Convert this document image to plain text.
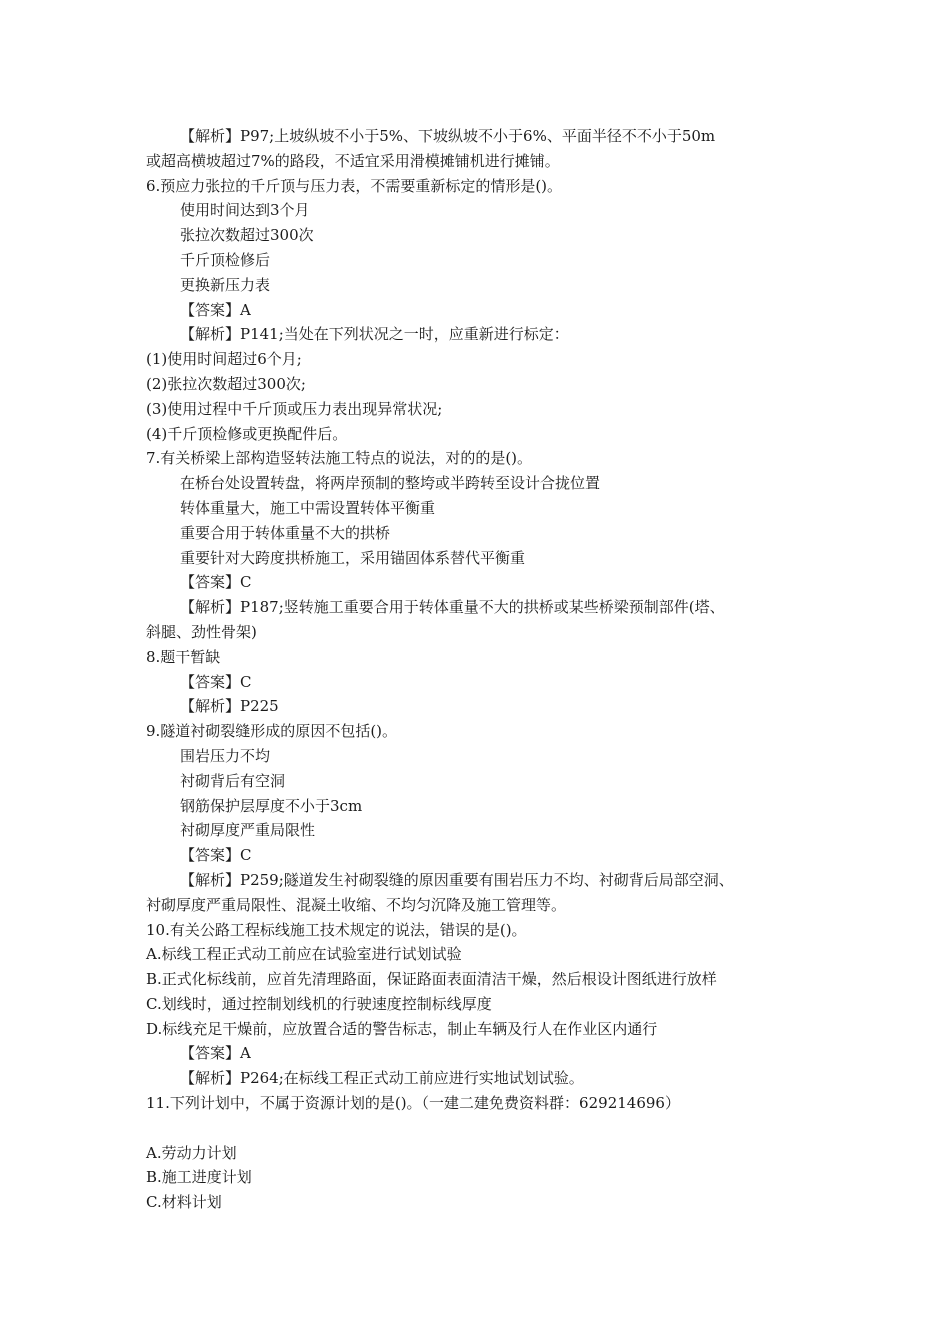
【解析】P97;上坡纵坡不小于5%、下坡纵坡不小于6%、平面半径不不小于50m
或超高横坡超过7%的路段，不适宜采用滑模摊铺机进行摊铺。
6.预应力张拉的千斤顶与压力表，不需要重新标定的情形是()。
使用时间达到3个月
张拉次数超过300次
千斤顶检修后
更换新压力表
【答案】A
【解析】P141;当处在下列状况之一时，应重新进行标定：
(1)使用时间超过6个月;
(2)张拉次数超过300次;
(3)使用过程中千斤顶或压力表出现异常状况;
(4)千斤顶检修或更换配件后。
7.有关桥梁上部构造竖转法施工特点的说法，对的的是()。
在桥台处设置转盘，将两岸预制的整垮或半跨转至设计合拢位置
转体重量大，施工中需设置转体平衡重
重要合用于转体重量不大的拱桥
重要针对大跨度拱桥施工，采用锚固体系替代平衡重
【答案】C
【解析】P187;竖转施工重要合用于转体重量不大的拱桥或某些桥梁预制部件(塔、
斜腿、劲性骨架)
8.题干暂缺
【答案】C
【解析】P225
9.隧道衬砌裂缝形成的原因不包括()。
围岩压力不均
衬砌背后有空洞
钢筋保护层厚度不小于3cm
衬砌厚度严重局限性
【答案】C
【解析】P259;隧道发生衬砌裂缝的原因重要有围岩压力不均、衬砌背后局部空洞、
衬砌厚度严重局限性、混凝土收缩、不均匀沉降及施工管理等。
10.有关公路工程标线施工技术规定的说法，错误的是()。
A.标线工程正式动工前应在试验室进行试划试验
B.正式化标线前，应首先清理路面，保证路面表面清洁干燥，然后根设计图纸进行放样
C.划线时，通过控制划线机的行驶速度控制标线厚度
D.标线充足干燥前，应放置合适的警告标志，制止车辆及行人在作业区内通行
【答案】A
【解析】P264;在标线工程正式动工前应进行实地试划试验。
11.下列计划中，不属于资源计划的是()。（一建二建免费资料群：629214696）
A.劳动力计划
B.施工进度计划
C.材料计划
